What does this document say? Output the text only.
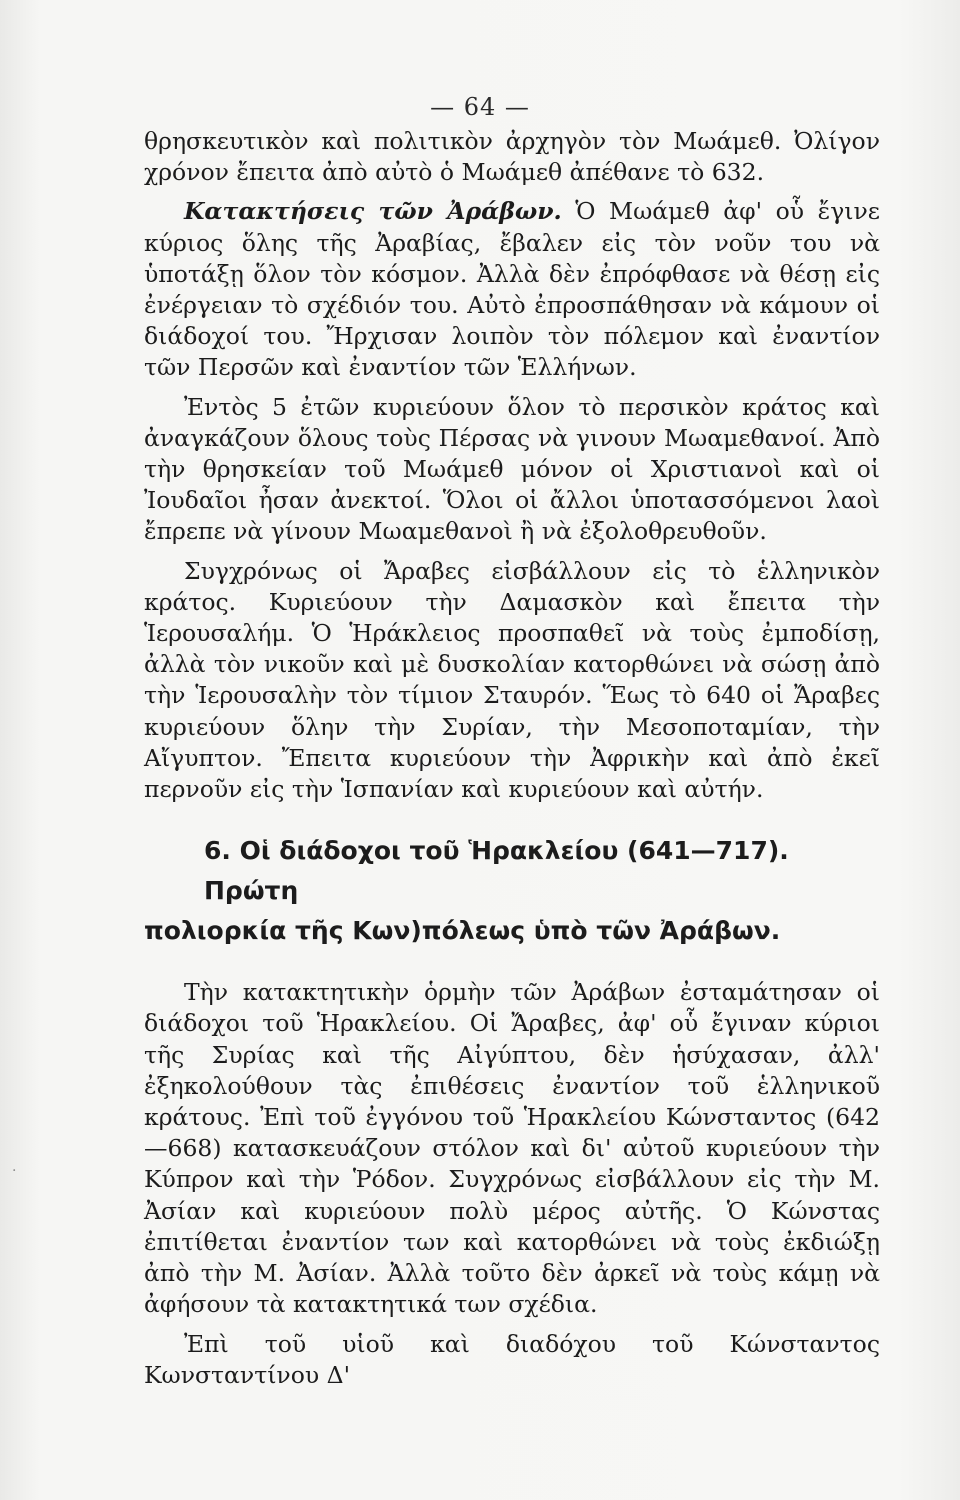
— 64 —

θρησκευτικὸν καὶ πολιτικὸν ἀρχηγὸν τὸν Μωάμεθ. Ὀλίγον χρόνον ἔπειτα ἀπὸ αὐτὸ ὁ Μωάμεθ ἀπέθανε τὸ 632.

Κατακτήσεις τῶν Ἀράβων. Ὁ Μωάμεθ ἀφ' οὗ ἔγινε κύριος ὅλης τῆς Ἀραβίας, ἔβαλεν εἰς τὸν νοῦν του νὰ ὑποτάξῃ ὅλον τὸν κόσμον. Ἀλλὰ δὲν ἐπρόφθασε νὰ θέσῃ εἰς ἐνέργειαν τὸ σχέδιόν του. Αὐτὸ ἐπροσπάθησαν νὰ κάμουν οἱ διάδοχοί του. Ἤρχισαν λοιπὸν τὸν πόλεμον καὶ ἐναντίον τῶν Περσῶν καὶ ἐναντίον τῶν Ἑλλήνων.

Ἐντὸς 5 ἐτῶν κυριεύουν ὅλον τὸ περσικὸν κράτος καὶ ἀναγκάζουν ὅλους τοὺς Πέρσας νὰ γινουν Μωαμεθανοί. Ἀπὸ τὴν θρησκείαν τοῦ Μωάμεθ μόνον οἱ Χριστιανοὶ καὶ οἱ Ἰουδαῖοι ἦσαν ἀνεκτοί. Ὅλοι οἱ ἄλλοι ὑποτασσόμενοι λαοὶ ἔπρεπε νὰ γίνουν Μωαμεθανοὶ ἢ νὰ ἐξολοθρευθοῦν.

Συγχρόνως οἱ Ἄραβες εἰσβάλλουν εἰς τὸ ἑλληνικὸν κράτος. Κυριεύουν τὴν Δαμασκὸν καὶ ἔπειτα τὴν Ἱερουσαλήμ. Ὁ Ἡράκλειος προσπαθεῖ νὰ τοὺς ἐμποδίσῃ, ἀλλὰ τὸν νικοῦν καὶ μὲ δυσκολίαν κατορθώνει νὰ σώσῃ ἀπὸ τὴν Ἱερουσαλὴν τὸν τίμιον Σταυρόν. Ἕως τὸ 640 οἱ Ἄραβες κυριεύουν ὅλην τὴν Συρίαν, τὴν Μεσοποταμίαν, τὴν Αἴγυπτον. Ἔπειτα κυριεύουν τὴν Ἀφρικὴν καὶ ἀπὸ ἐκεῖ περνοῦν εἰς τὴν Ἱσπανίαν καὶ κυριεύουν καὶ αὐτήν.

6. Οἱ διάδοχοι τοῦ Ἡρακλείου (641—717). Πρώτη
πολιορκία τῆς Κων)πόλεως ὑπὸ τῶν Ἀράβων.

Τὴν κατακτητικὴν ὁρμὴν τῶν Ἀράβων ἐσταμάτησαν οἱ διάδοχοι τοῦ Ἡρακλείου. Οἱ Ἄραβες, ἀφ' οὗ ἔγιναν κύριοι τῆς Συρίας καὶ τῆς Αἰγύπτου, δὲν ἡσύχασαν, ἀλλ' ἐξηκολούθουν τὰς ἐπιθέσεις ἐναντίον τοῦ ἑλληνικοῦ κράτους. Ἐπὶ τοῦ ἐγγόνου τοῦ Ἡρακλείου Κώνσταντος (642—668) κατασκευάζουν στόλον καὶ δι' αὐτοῦ κυριεύουν τὴν Κύπρον καὶ τὴν Ῥόδον. Συγχρόνως εἰσβάλλουν εἰς τὴν Μ. Ἀσίαν καὶ κυριεύουν πολὺ μέρος αὐτῆς. Ὁ Κώνστας ἐπιτίθεται ἐναντίον των καὶ κατορθώνει νὰ τοὺς ἐκδιώξῃ ἀπὸ τὴν Μ. Ἀσίαν. Ἀλλὰ τοῦτο δὲν ἀρκεῖ νὰ τοὺς κάμῃ νὰ ἀφήσουν τὰ κατακτητικά των σχέδια.

Ἐπὶ τοῦ υἱοῦ καὶ διαδόχου τοῦ Κώνσταντος Κωνσταντίνου Δ'

·
